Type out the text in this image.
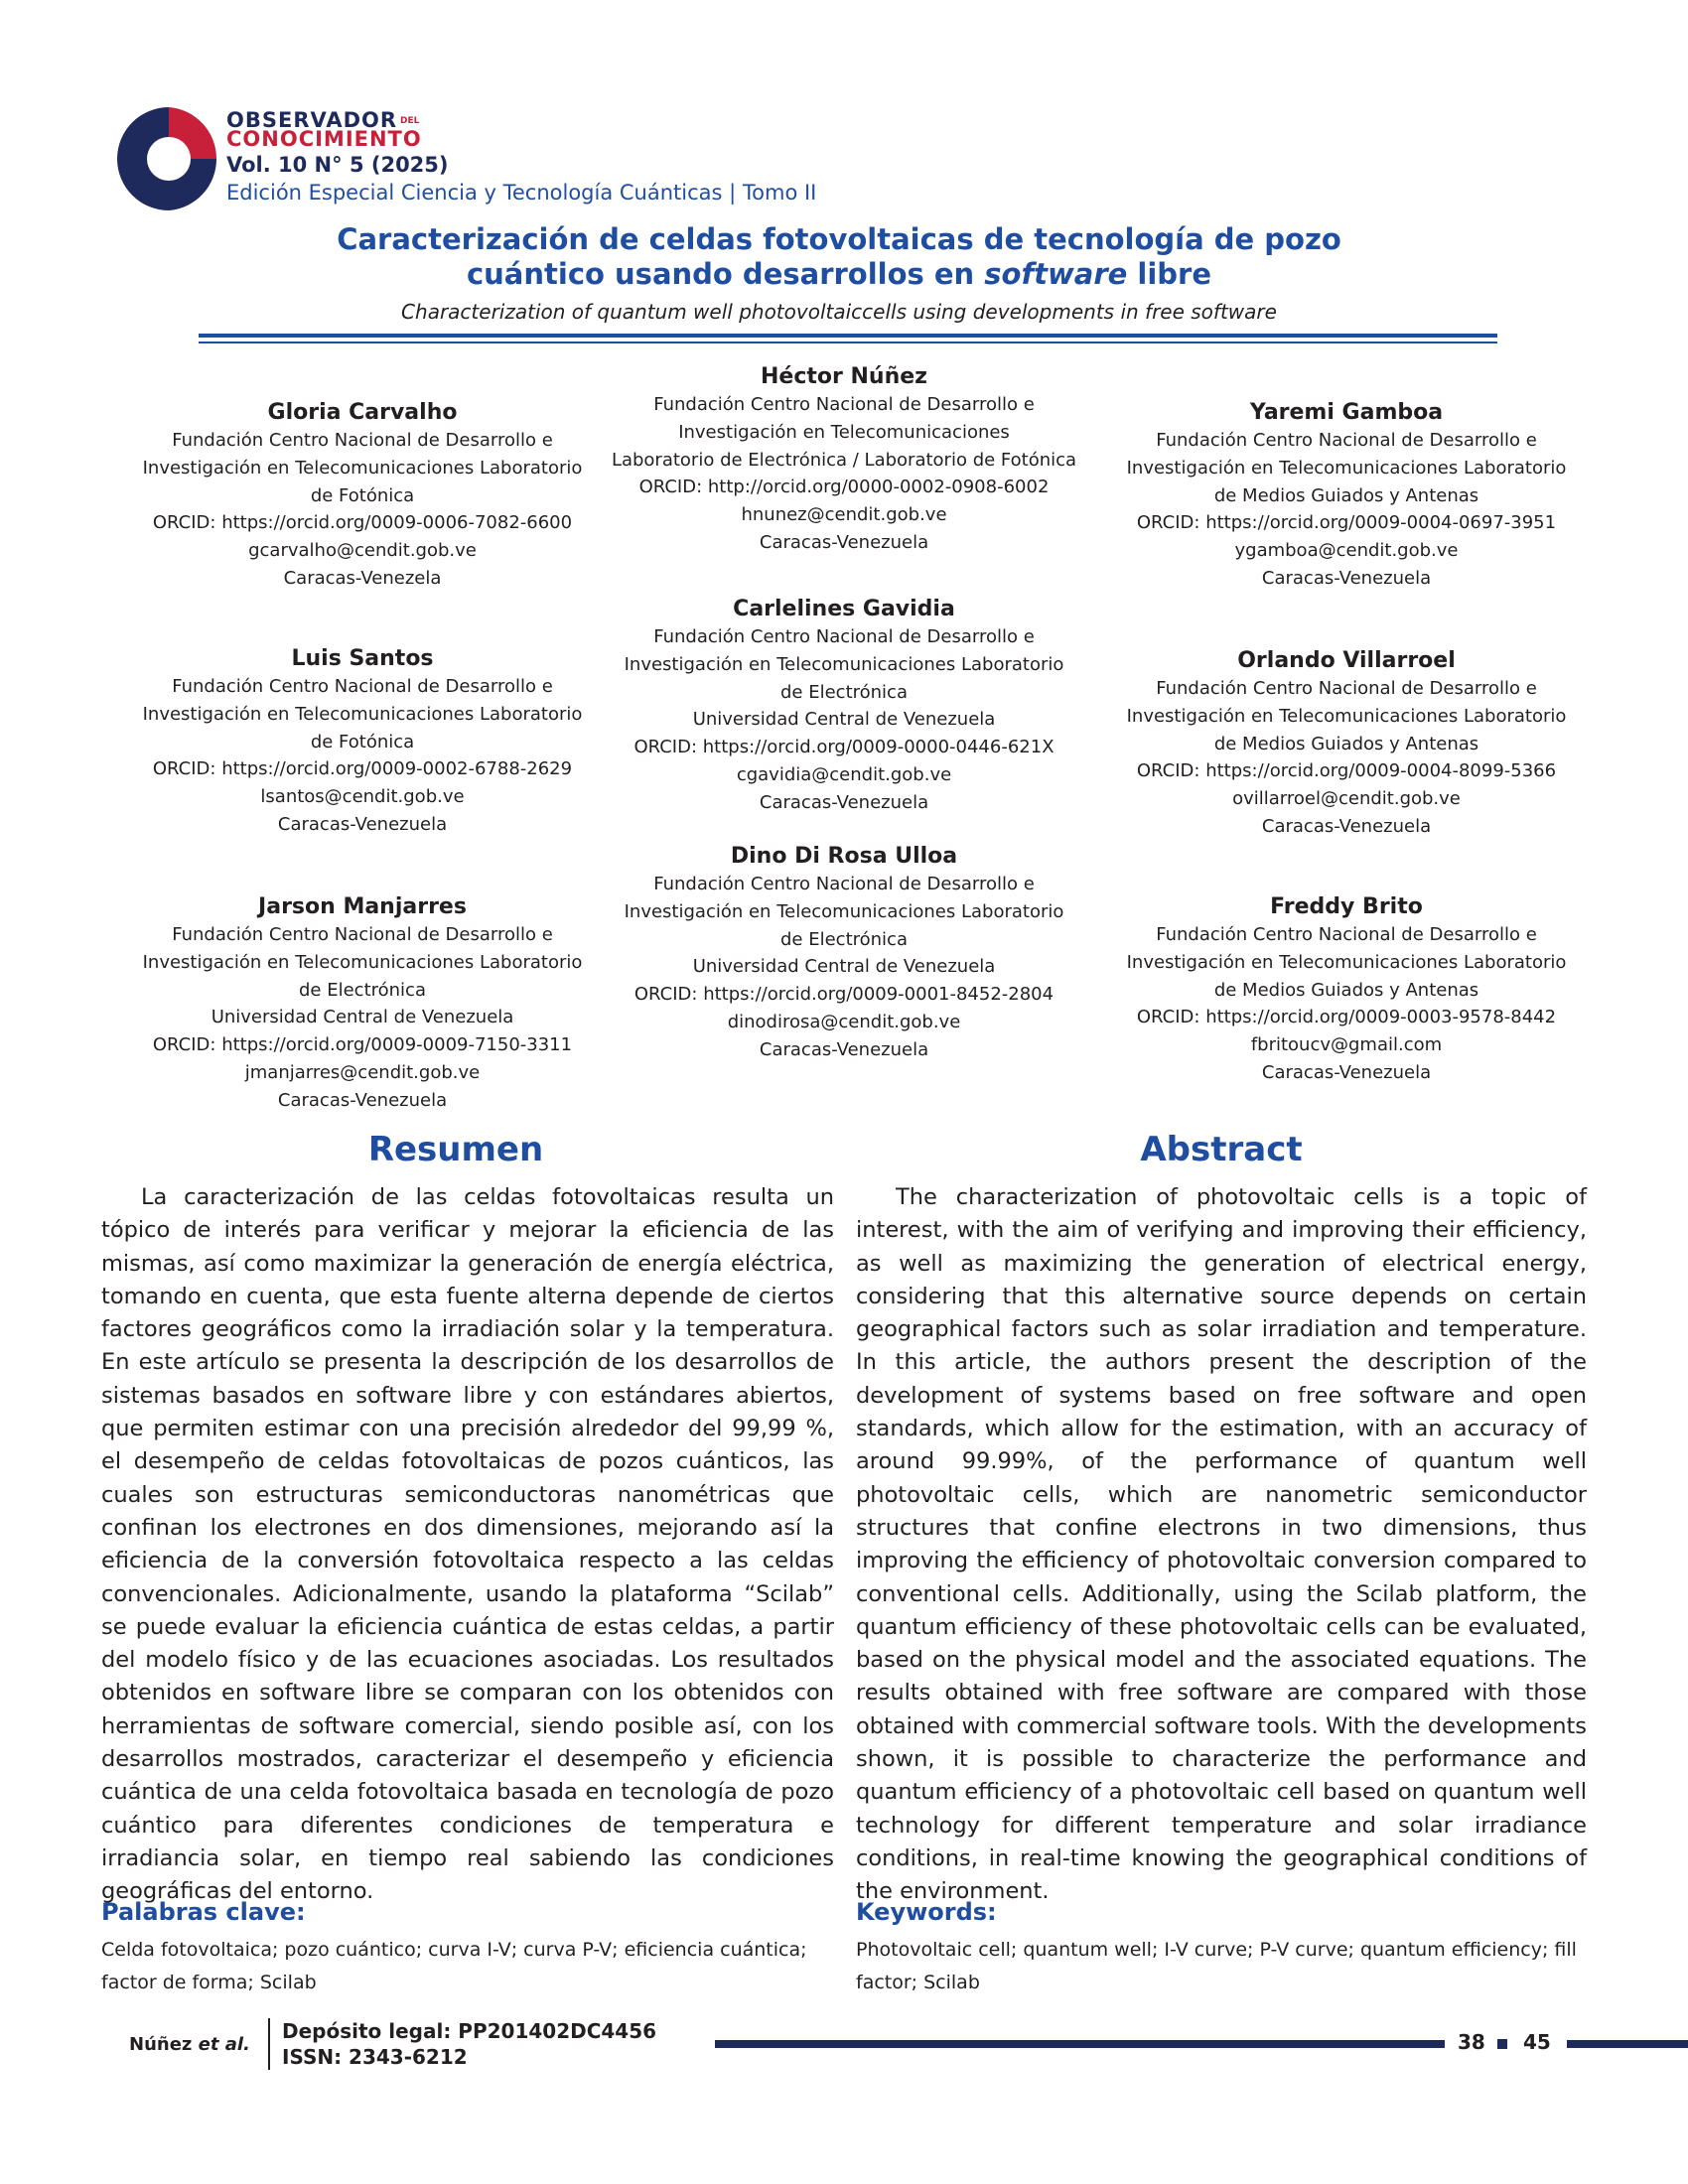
OBSERVADOR DEL
CONOCIMIENTO
Vol. 10 N° 5 (2025)
Edición Especial Ciencia y Tecnología Cuánticas | Tomo II
Caracterización de celdas fotovoltaicas de tecnología de pozo
cuántico usando desarrollos en software libre
Characterization of quantum well photovoltaiccells using developments in free software
Gloria Carvalho
Fundación Centro Nacional de Desarrollo e
Investigación en Telecomunicaciones Laboratorio
de Fotónica
ORCID: https://orcid.org/0009-0006-7082-6600
gcarvalho@cendit.gob.ve
Caracas-Venezela
Luis Santos
Fundación Centro Nacional de Desarrollo e
Investigación en Telecomunicaciones Laboratorio
de Fotónica
ORCID: https://orcid.org/0009-0002-6788-2629
lsantos@cendit.gob.ve
Caracas-Venezuela
Jarson Manjarres
Fundación Centro Nacional de Desarrollo e
Investigación en Telecomunicaciones Laboratorio
de Electrónica
Universidad Central de Venezuela
ORCID: https://orcid.org/0009-0009-7150-3311
jmanjarres@cendit.gob.ve
Caracas-Venezuela
Héctor Núñez
Fundación Centro Nacional de Desarrollo e
Investigación en Telecomunicaciones
Laboratorio de Electrónica / Laboratorio de Fotónica
ORCID: http://orcid.org/0000-0002-0908-6002
hnunez@cendit.gob.ve
Caracas-Venezuela
Carlelines Gavidia
Fundación Centro Nacional de Desarrollo e
Investigación en Telecomunicaciones Laboratorio
de Electrónica
Universidad Central de Venezuela
ORCID: https://orcid.org/0009-0000-0446-621X
cgavidia@cendit.gob.ve
Caracas-Venezuela
Dino Di Rosa Ulloa
Fundación Centro Nacional de Desarrollo e
Investigación en Telecomunicaciones Laboratorio
de Electrónica
Universidad Central de Venezuela
ORCID: https://orcid.org/0009-0001-8452-2804
dinodirosa@cendit.gob.ve
Caracas-Venezuela
Yaremi Gamboa
Fundación Centro Nacional de Desarrollo e
Investigación en Telecomunicaciones Laboratorio
de Medios Guiados y Antenas
ORCID: https://orcid.org/0009-0004-0697-3951
ygamboa@cendit.gob.ve
Caracas-Venezuela
Orlando Villarroel
Fundación Centro Nacional de Desarrollo e
Investigación en Telecomunicaciones Laboratorio
de Medios Guiados y Antenas
ORCID: https://orcid.org/0009-0004-8099-5366
ovillarroel@cendit.gob.ve
Caracas-Venezuela
Freddy Brito
Fundación Centro Nacional de Desarrollo e
Investigación en Telecomunicaciones Laboratorio
de Medios Guiados y Antenas
ORCID: https://orcid.org/0009-0003-9578-8442
fbritoucv@gmail.com
Caracas-Venezuela
Resumen

La caracterización de las celdas fotovoltaicas resulta un tópico de interés para verificar y mejorar la eficiencia de las mismas, así como maximizar la generación de energía eléctrica, tomando en cuenta, que esta fuente alterna depende de ciertos factores geográficos como la irradiación solar y la temperatura. En este artículo se presenta la descripción de los desarrollos de sistemas basados en software libre y con estándares abiertos, que permiten estimar con una precisión alrededor del 99,99 %, el desempeño de celdas fotovoltaicas de pozos cuánticos, las cuales son estructuras semiconductoras nanométricas que confinan los electrones en dos dimensiones, mejorando así la eficiencia de la conversión fotovoltaica respecto a las celdas convencionales. Adicionalmente, usando la plataforma “Scilab” se puede evaluar la eficiencia cuántica de estas celdas, a partir del modelo físico y de las ecuaciones asociadas. Los resultados obtenidos en software libre se comparan con los obtenidos con herramientas de software comercial, siendo posible así, con los desarrollos mostrados, caracterizar el desempeño y eficiencia cuántica de una celda fotovoltaica basada en tecnología de pozo cuántico para diferentes condiciones de temperatura e irradiancia solar, en tiempo real sabiendo las condiciones geográficas del entorno.

Palabras clave:
Celda fotovoltaica; pozo cuántico; curva I-V; curva P-V; eficiencia cuántica; factor de forma; Scilab
Abstract

The characterization of photovoltaic cells is a topic of interest, with the aim of verifying and improving their efficiency, as well as maximizing the generation of electrical energy, considering that this alternative source depends on certain geographical factors such as solar irradiation and temperature. In this article, the authors present the description of the development of systems based on free software and open standards, which allow for the estimation, with an accuracy of around 99.99%, of the performance of quantum well photovoltaic cells, which are nanometric semiconductor structures that confine electrons in two dimensions, thus improving the efficiency of photovoltaic conversion compared to conventional cells. Additionally, using the Scilab platform, the quantum efficiency of these photovoltaic cells can be evaluated, based on the physical model and the associated equations. The results obtained with free software are compared with those obtained with commercial software tools. With the developments shown, it is possible to characterize the performance and quantum efficiency of a photovoltaic cell based on quantum well technology for different temperature and solar irradiance conditions, in real-time knowing the geographical conditions of the environment.

Keywords:
Photovoltaic cell; quantum well; I-V curve; P-V curve; quantum efficiency; fill factor; Scilab
Núñez et al.
Depósito legal: PP201402DC4456
ISSN: 2343-6212
38 45
